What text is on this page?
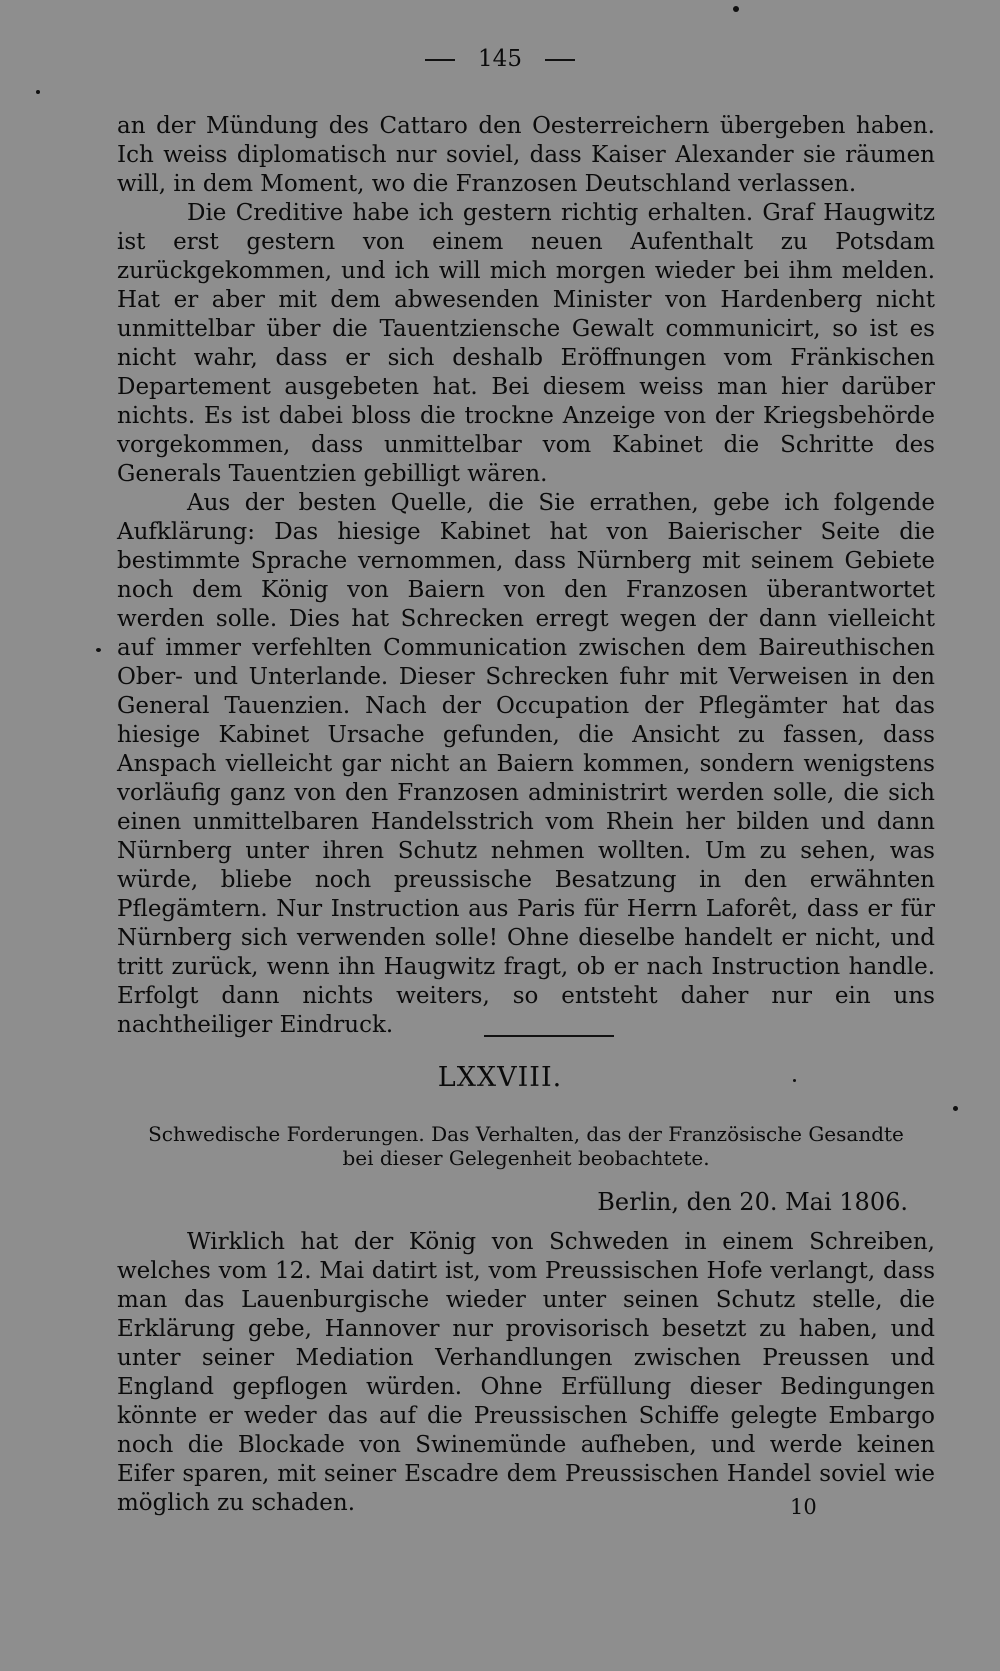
145

an der Mündung des Cattaro den Oesterreichern übergeben haben. Ich weiss diplomatisch nur soviel, dass Kaiser Alexander sie räumen will, in dem Moment, wo die Franzosen Deutschland verlassen.

Die Creditive habe ich gestern richtig erhalten. Graf Haugwitz ist erst gestern von einem neuen Aufenthalt zu Potsdam zurückgekommen, und ich will mich morgen wieder bei ihm melden. Hat er aber mit dem abwesenden Minister von Hardenberg nicht unmittelbar über die Tauentziensche Gewalt communicirt, so ist es nicht wahr, dass er sich deshalb Eröffnungen vom Fränkischen Departement ausgebeten hat. Bei diesem weiss man hier darüber nichts. Es ist dabei bloss die trockne Anzeige von der Kriegsbehörde vorgekommen, dass unmittelbar vom Kabinet die Schritte des Generals Tauentzien gebilligt wären.

Aus der besten Quelle, die Sie errathen, gebe ich folgende Aufklärung: Das hiesige Kabinet hat von Baierischer Seite die bestimmte Sprache vernommen, dass Nürnberg mit seinem Gebiete noch dem König von Baiern von den Franzosen überantwortet werden solle. Dies hat Schrecken erregt wegen der dann vielleicht auf immer verfehlten Communication zwischen dem Baireuthischen Ober- und Unterlande. Dieser Schrecken fuhr mit Verweisen in den General Tauenzien. Nach der Occupation der Pflegämter hat das hiesige Kabinet Ursache gefunden, die Ansicht zu fassen, dass Anspach vielleicht gar nicht an Baiern kommen, sondern wenigstens vorläufig ganz von den Franzosen administrirt werden solle, die sich einen unmittelbaren Handelsstrich vom Rhein her bilden und dann Nürnberg unter ihren Schutz nehmen wollten. Um zu sehen, was würde, bliebe noch preussische Besatzung in den erwähnten Pflegämtern. Nur Instruction aus Paris für Herrn Laforêt, dass er für Nürnberg sich verwenden solle! Ohne dieselbe handelt er nicht, und tritt zurück, wenn ihn Haugwitz fragt, ob er nach Instruction handle. Erfolgt dann nichts weiters, so entsteht daher nur ein uns nachtheiliger Eindruck.

LXXVIII.
Schwedische Forderungen. Das Verhalten, das der Französische Gesandte
bei dieser Gelegenheit beobachtete.
Berlin, den 20. Mai 1806.

Wirklich hat der König von Schweden in einem Schreiben, welches vom 12. Mai datirt ist, vom Preussischen Hofe verlangt, dass man das Lauenburgische wieder unter seinen Schutz stelle, die Erklärung gebe, Hannover nur provisorisch besetzt zu haben, und unter seiner Mediation Verhandlungen zwischen Preussen und England gepflogen würden. Ohne Erfüllung dieser Bedingungen könnte er weder das auf die Preussischen Schiffe gelegte Embargo noch die Blockade von Swinemünde aufheben, und werde keinen Eifer sparen, mit seiner Escadre dem Preussischen Handel soviel wie möglich zu schaden.	10
